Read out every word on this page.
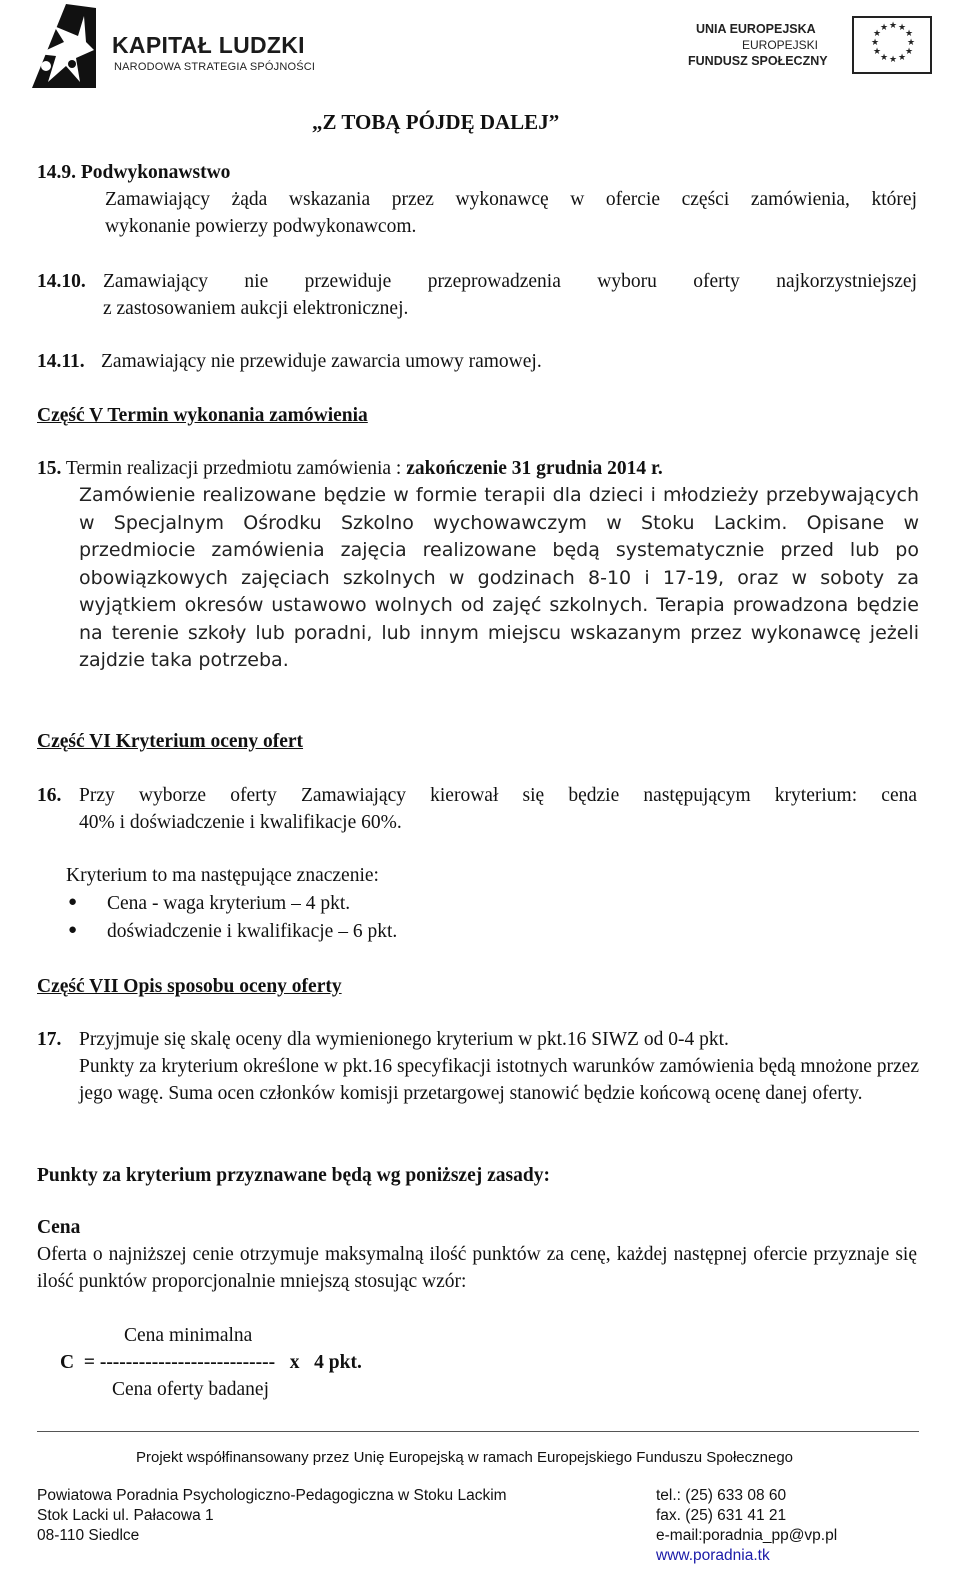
KAPITAŁ LUDZKI
NARODOWA STRATEGIA SPÓJNOŚCI
UNIA EUROPEJSKA
EUROPEJSKI
FUNDUSZ SPOŁECZNY
★ ★
★
★
★
★
★
★
★
★
★
★
„Z TOBĄ PÓJDĘ DALEJ”
14.9. Podwykonawstwo
Zamawiający żąda wskazania przez wykonawcę w ofercie części zamówienia, której
wykonanie powierzy podwykonawcom.
14.10. Zamawiający nie przewiduje przeprowadzenia wyboru oferty najkorzystniejszej
z zastosowaniem aukcji elektronicznej.
14.11. Zamawiający nie przewiduje zawarcia umowy ramowej.
Część V Termin wykonania zamówienia
15. Termin realizacji przedmiotu zamówienia : zakończenie 31 grudnia 2014 r.
Zamówienie realizowane będzie w formie terapii dla dzieci i młodzieży przebywających w Specjalnym Ośrodku Szkolno wychowawczym w Stoku Lackim. Opisane w przedmiocie zamówienia zajęcia realizowane będą systematycznie przed lub po obowiązkowych zajęciach szkolnych w godzinach 8-10 i 17-19, oraz w soboty za wyjątkiem okresów ustawowo wolnych od zajęć szkolnych. Terapia prowadzona będzie na terenie szkoły lub poradni, lub innym miejscu wskazanym przez wykonawcę jeżeli zajdzie taka potrzeba.
Część VI Kryterium oceny ofert
16. Przy wyborze oferty Zamawiający kierował się będzie następującym kryterium: cena
40% i doświadczenie i kwalifikacje 60%.
Kryterium to ma następujące znaczenie:
● Cena - waga kryterium – 4 pkt.
● doświadczenie i kwalifikacje – 6 pkt.
Część VII Opis sposobu oceny oferty
17. Przyjmuje się skalę oceny dla wymienionego kryterium w pkt.16 SIWZ od 0-4 pkt.
Punkty za kryterium określone w pkt.16 specyfikacji istotnych warunków zamówienia będą mnożone przez jego wagę. Suma ocen członków komisji przetargowej stanowić będzie końcową ocenę danej oferty.
Punkty za kryterium przyznawane będą wg poniższej zasady:
Cena
Oferta o najniższej cenie otrzymuje maksymalną ilość punktów za cenę, każdej następnej ofercie przyznaje się ilość punktów proporcjonalnie mniejszą stosując wzór:
Cena minimalna
C  = ---------------------------   x   4 pkt.
Cena oferty badanej
Projekt współfinansowany przez Unię Europejską w ramach Europejskiego Funduszu Społecznego
Powiatowa Poradnia Psychologiczno-Pedagogiczna w Stoku Lackim
Stok Lacki ul. Pałacowa 1
08-110 Siedlce
tel.: (25) 633 08 60
fax. (25) 631 41 21
e-mail:poradnia_pp@vp.pl
www.poradnia.tk
